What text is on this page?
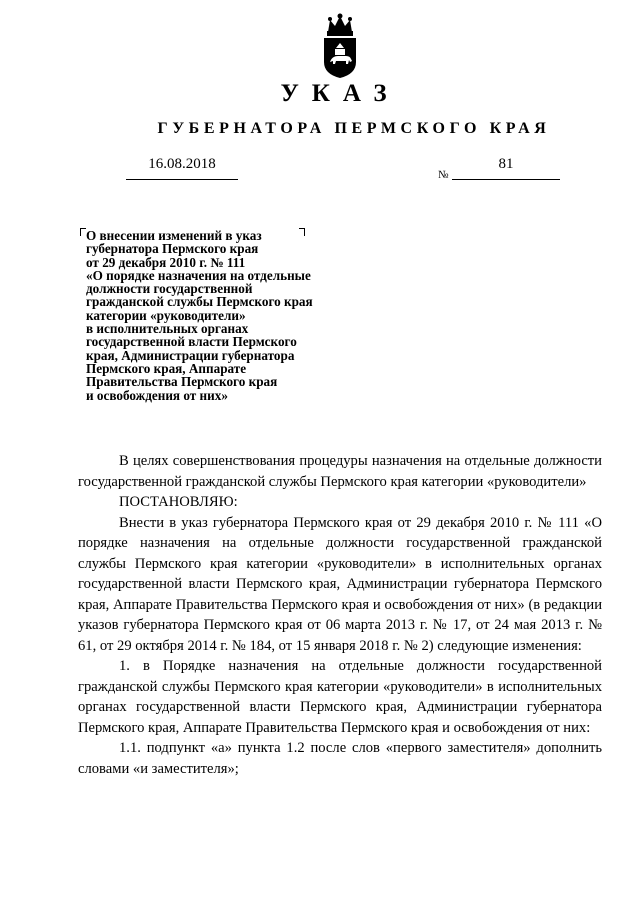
УКАЗ
ГУБЕРНАТОРА ПЕРМСКОГО КРАЯ
16.08.2018
№
81
О внесении изменений в указ
губернатора Пермского края
от 29 декабря 2010 г. № 111
«О порядке назначения на отдельные
должности государственной
гражданской службы Пермского края
категории «руководители»
в исполнительных органах
государственной власти Пермского
края, Администрации губернатора
Пермского края, Аппарате
Правительства Пермского края
и освобождения от них»

В целях совершенствования процедуры назначения на отдельные должности государственной гражданской службы Пермского края категории «руководители»

ПОСТАНОВЛЯЮ:

Внести в указ губернатора Пермского края от 29 декабря 2010 г. № 111 «О порядке назначения на отдельные должности государственной гражданской службы Пермского края категории «руководители» в исполнительных органах государственной власти Пермского края, Администрации губернатора Пермского края, Аппарате Правительства Пермского края и освобождения от них» (в редакции указов губернатора Пермского края от 06 марта 2013 г. № 17, от 24 мая 2013 г. № 61, от 29 октября 2014 г. № 184, от 15 января 2018 г. № 2) следующие изменения:

1. в Порядке назначения на отдельные должности государственной гражданской службы Пермского края категории «руководители» в исполнительных органах государственной власти Пермского края, Администрации губернатора Пермского края, Аппарате Правительства Пермского края и освобождения от них:

1.1. подпункт «а» пункта 1.2 после слов «первого заместителя» дополнить словами «и заместителя»;
